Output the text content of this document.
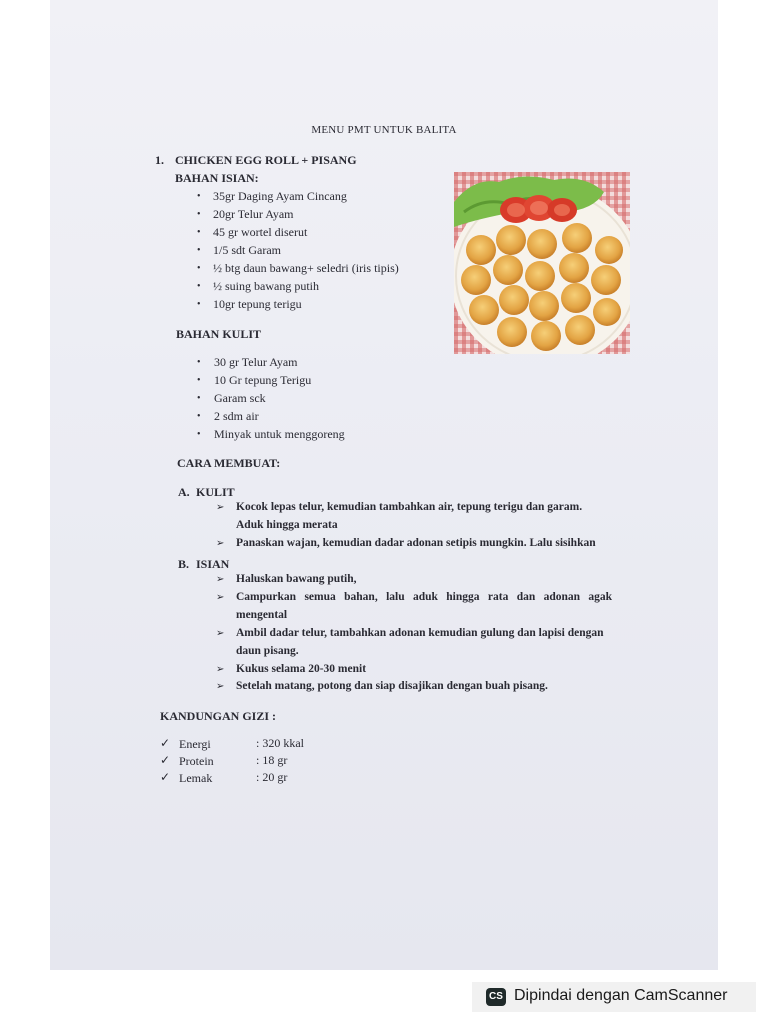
MENU PMT UNTUK BALITA
1. CHICKEN EGG ROLL + PISANG
BAHAN ISIAN:
• 35gr Daging Ayam Cincang
• 20gr Telur Ayam
• 45 gr wortel diserut
• 1/5 sdt Garam
• ½ btg daun bawang+ seledri (iris tipis)
• ½ suing bawang putih
• 10gr tepung terigu
BAHAN KULIT
• 30 gr Telur Ayam
• 10 Gr tepung Terigu
• Garam sck
• 2 sdm air
• Minyak untuk menggoreng
CARA MEMBUAT:
A. KULIT
➢ Kocok lepas telur, kemudian tambahkan air, tepung terigu dan garam.
Aduk hingga merata
➢ Panaskan wajan, kemudian dadar adonan setipis mungkin. Lalu sisihkan
B. ISIAN
➢ Haluskan bawang putih,
➢ Campurkan semua bahan, lalu aduk hingga rata dan adonan agak
mengental
➢ Ambil dadar telur, tambahkan adonan kemudian gulung dan lapisi dengan
daun pisang.
➢ Kukus selama 20-30 menit
➢ Setelah matang, potong dan siap disajikan dengan buah pisang.
KANDUNGAN GIZI :
✓ Energi	: 320 kkal
✓ Protein	: 18 gr
✓ Lemak	: 20 gr
CS Dipindai dengan CamScanner
